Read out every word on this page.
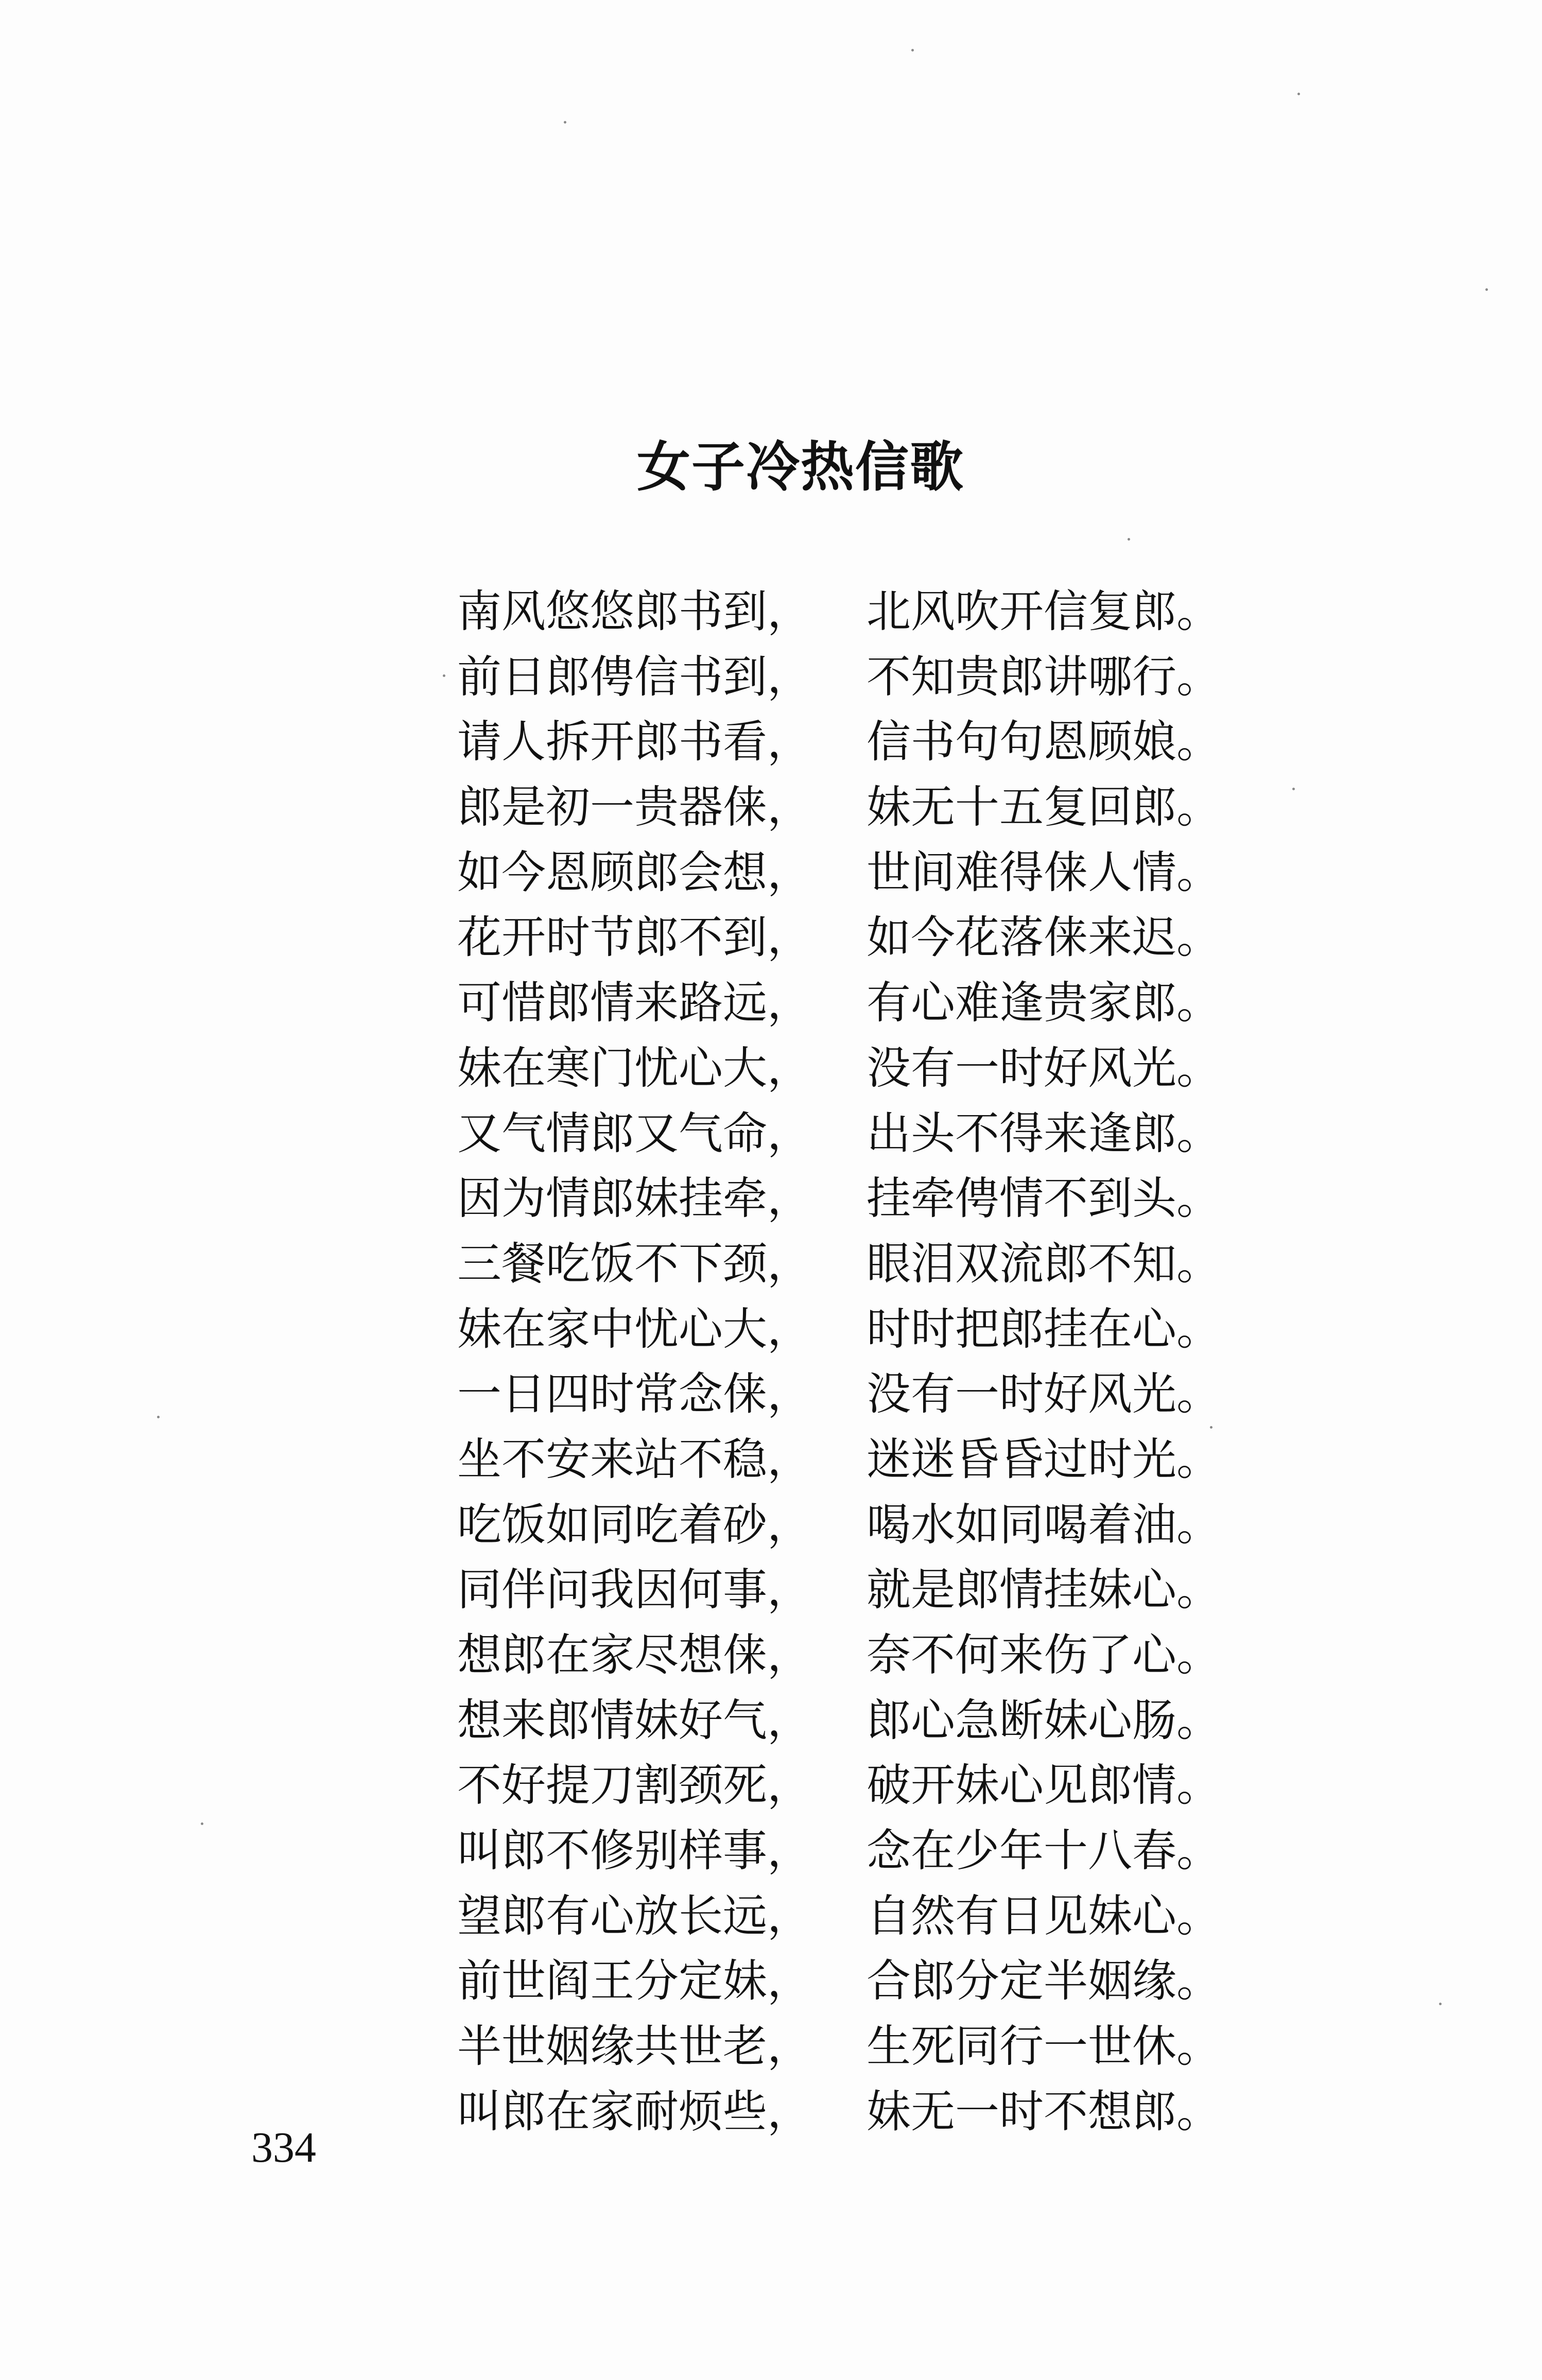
女子冷热信歌
南风悠悠郎书到， 北风吹开信复郎。
前日郎俜信书到， 不知贵郎讲哪行。
请人拆开郎书看， 信书句句恩顾娘。
郎是初一贵器俫， 妹无十五复回郎。
如今恩顾郎会想， 世间难得俫人情。
花开时节郎不到， 如今花落俫来迟。
可惜郎情来路远， 有心难逢贵家郎。
妹在寒门忧心大， 没有一时好风光。
又气情郎又气命， 出头不得来逢郎。
因为情郎妹挂牵， 挂牵俜情不到头。
三餐吃饭不下颈， 眼泪双流郎不知。
妹在家中忧心大， 时时把郎挂在心。
一日四时常念俫， 没有一时好风光。
坐不安来站不稳， 迷迷昏昏过时光。
吃饭如同吃着砂， 喝水如同喝着油。
同伴问我因何事， 就是郎情挂妹心。
想郎在家尽想俫， 奈不何来伤了心。
想来郎情妹好气， 郎心急断妹心肠。
不好提刀割颈死， 破开妹心见郎情。
叫郎不修别样事， 念在少年十八春。
望郎有心放长远， 自然有日见妹心。
前世阎王分定妹， 合郎分定半姻缘。
半世姻缘共世老， 生死同行一世休。
叫郎在家耐烦些， 妹无一时不想郎。
334
